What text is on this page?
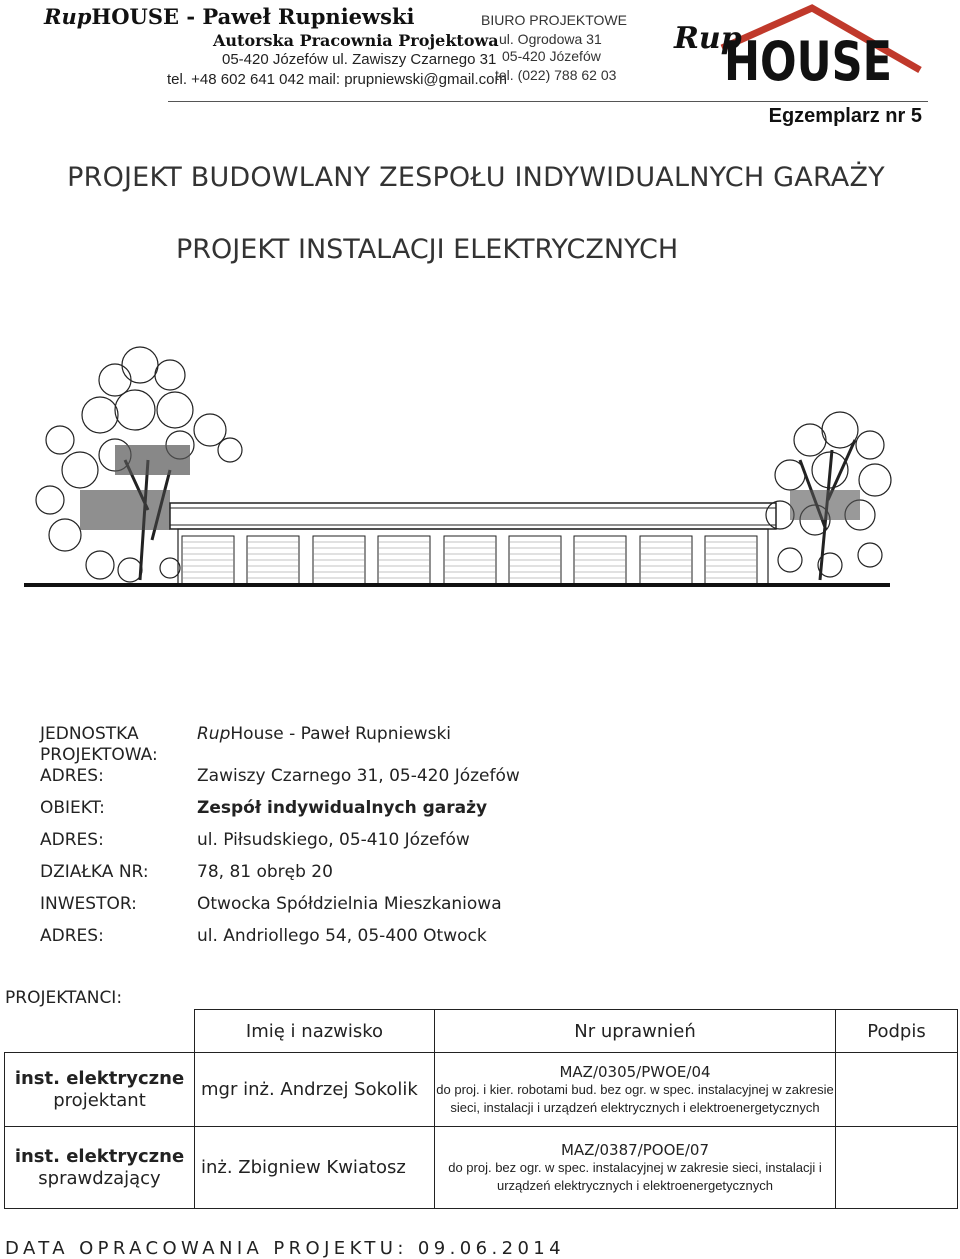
RupHOUSE - Paweł Rupniewski
Autorska Pracownia Projektowa
05-420 Józefów ul. Zawiszy Czarnego 31
tel. +48 602 641 042 mail: prupniewski@gmail.com
BIURO PROJEKTOWE
ul. Ogrodowa 31
05-420 Józefów
tel. (022) 788 62 03
Rup
HOUSE
Egzemplarz nr 5
PROJEKT BUDOWLANY ZESPOŁU INDYWIDUALNYCH GARAŻY
PROJEKT INSTALACJI ELEKTRYCZNYCH
JEDNOSTKA
PROJEKTOWA:
RupHouse - Paweł Rupniewski
ADRES:	Zawiszy Czarnego 31, 05-420 Józefów
OBIEKT:	Zespół indywidualnych garaży
ADRES:	ul. Piłsudskiego, 05-410 Józefów
DZIAŁKA NR:	78, 81 obręb 20
INWESTOR:	Otwocka Spółdzielnia Mieszkaniowa
ADRES:	ul. Andriollego 54, 05-400 Otwock
PROJEKTANCI:
	Imię i nazwisko	Nr uprawnień	Podpis

inst. elektryczne
projektant	mgr inż. Andrzej Sokolik	MAZ/0305/PWOE/04
do proj. i kier. robotami bud. bez ogr. w spec. instalacyjnej w zakresie sieci, instalacji i urządzeń elektrycznych i elektroenergetycznych	

inst. elektryczne
sprawdzający	inż. Zbigniew Kwiatosz	MAZ/0387/POOE/07
do proj. bez ogr. w spec. instalacyjnej w zakresie sieci, instalacji i urządzeń elektrycznych i elektroenergetycznych	

DATA OPRACOWANIA PROJEKTU: 09.06.2014
